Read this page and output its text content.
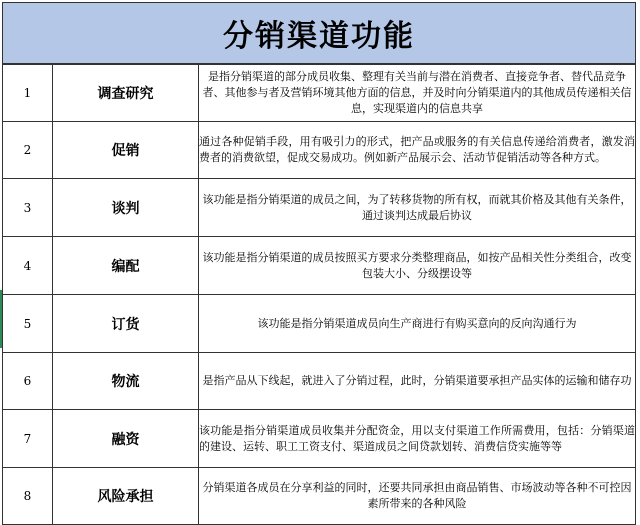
分销渠道功能
1	调查研究	是指分销渠道的部分成员收集、整理有关当前与潜在消费者、直接竞争者、替代品竞争者、其他参与者及营销环境其他方面的信息，并及时向分销渠道内的其他成员传递相关信息，实现渠道内的信息共享
2	促销	通过各种促销手段，用有吸引力的形式，把产品或服务的有关信息传递给消费者，激发消费者的消费欲望，促成交易成功。例如新产品展示会、活动节促销活动等各种方式。
3	谈判	该功能是指分销渠道的成员之间，为了转移货物的所有权，而就其价格及其他有关条件，通过谈判达成最后协议
4	编配	该功能是指分销渠道的成员按照买方要求分类整理商品，如按产品相关性分类组合，改变包装大小、分级摆设等
5	订货	该功能是指分销渠道成员向生产商进行有购买意向的反向沟通行为
6	物流	是指产品从下线起，就进入了分销过程，此时，分销渠道要承担产品实体的运输和储存功
7	融资	该功能是指分销渠道成员收集并分配资金，用以支付渠道工作所需费用，包括：分销渠道的建设、运转、职工工资支付、渠道成员之间贷款划转、消费信贷实施等等
8	风险承担	分销渠道各成员在分享利益的同时，还要共同承担由商品销售、市场波动等各种不可控因素所带来的各种风险
